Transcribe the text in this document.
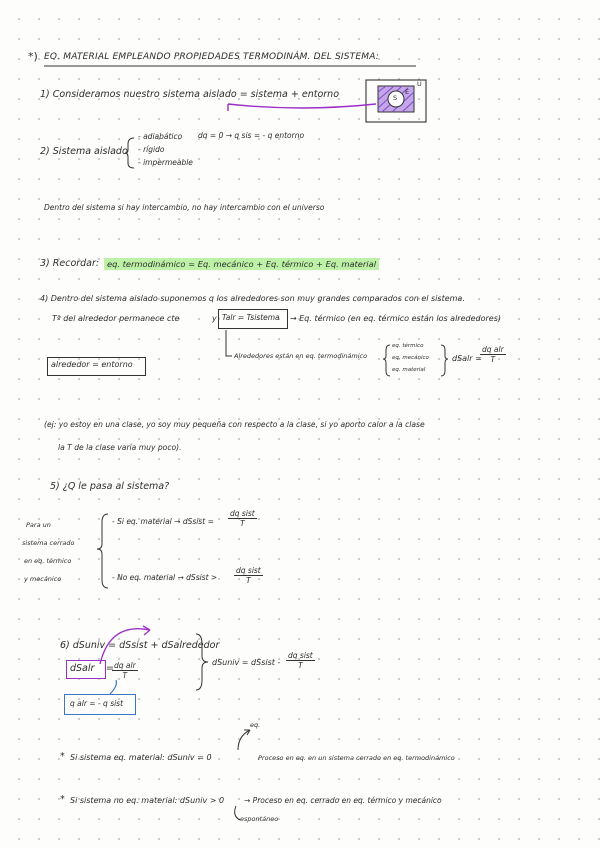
*) EQ. MATERIAL EMPLEANDO PROPIEDADES TERMODINÁM. DEL SISTEMA:
1) Consideramos nuestro sistema aislado = sistema + entorno
U
S
E
2) Sistema aislado
- adiabático
- rígido
- impermeable
dq = 0 → q sis = - q entorno
Dentro del sistema si hay intercambio, no hay intercambio con el universo
3) Recordar: eq. termodinámico = Eq. mecánico + Eq. térmico + Eq. material
4) Dentro del sistema aislado suponemos q los alrededores son muy grandes comparados con el sistema.
Tª del alrededor permanece cte	y Talr = Tsistema → Eq. térmico (en eq. térmico están los alrededores)
alrededor = entorno
Alrededores están en eq. termodinámico
eq. térmico
eq. mecánico
eq. material
dSalr =
dq alr
T
(ej: yo estoy en una clase, yo soy muy pequeña con respecto a la clase, si yo aporto calor a la clase
la T de la clase varía muy poco).
5) ¿Q le pasa al sistema?
Para un
sistema cerrado
en eq. térmico
y mecánico
- Si eq. material → dSsist =
dq sist
T
- No eq. material → dSsist >
dq sist
T
6) dSuniv = dSsist + dSalrededor
dSalr = dq alr
T
q alr = - q sist
dSuniv = dSsist -
dq sist
T
* Si sistema eq. material: dSuniv = 0
eq.
Proceso en eq. en un sistema cerrado en eq. termodinámico
* Si sistema no eq. material: dSuniv > 0	→ Proceso en eq. cerrado en eq. térmico y mecánico
espontáneo
